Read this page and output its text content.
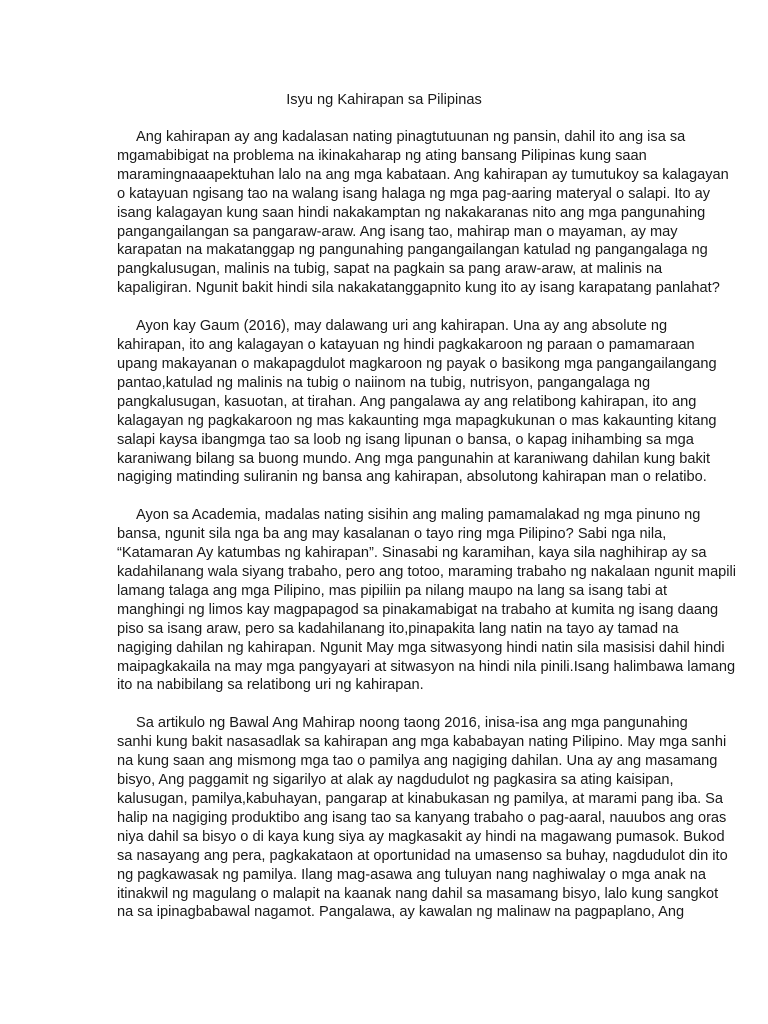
Isyu ng Kahirapan sa Pilipinas

Ang kahirapan ay ang kadalasan nating pinagtutuunan ng pansin, dahil ito ang isa sa
mgamabibigat na problema na ikinakaharap ng ating bansang Pilipinas kung saan
maramingnaaapektuhan lalo na ang mga kabataan. Ang kahirapan ay tumutukoy sa kalagayan
o katayuan ngisang tao na walang isang halaga ng mga pag-aaring materyal o salapi. Ito ay
isang kalagayan kung saan hindi nakakamptan ng nakakaranas nito ang mga pangunahing
pangangailangan sa pangaraw-araw. Ang isang tao, mahirap man o mayaman, ay may
karapatan na makatanggap ng pangunahing pangangailangan katulad ng pangangalaga ng
pangkalusugan, malinis na tubig, sapat na pagkain sa pang araw-araw, at malinis na
kapaligiran. Ngunit bakit hindi sila nakakatanggapnito kung ito ay isang karapatang panlahat?

Ayon kay Gaum (2016), may dalawang uri ang kahirapan. Una ay ang absolute ng
kahirapan, ito ang kalagayan o katayuan ng hindi pagkakaroon ng paraan o pamamaraan
upang makayanan o makapagdulot magkaroon ng payak o basikong mga pangangailangang
pantao,katulad ng malinis na tubig o naiinom na tubig, nutrisyon, pangangalaga ng
pangkalusugan, kasuotan, at tirahan. Ang pangalawa ay ang relatibong kahirapan, ito ang
kalagayan ng pagkakaroon ng mas kakaunting mga mapagkukunan o mas kakaunting kitang
salapi kaysa ibangmga tao sa loob ng isang lipunan o bansa, o kapag inihambing sa mga
karaniwang bilang sa buong mundo. Ang mga pangunahin at karaniwang dahilan kung bakit
nagiging matinding suliranin ng bansa ang kahirapan, absolutong kahirapan man o relatibo.

Ayon sa Academia, madalas nating sisihin ang maling pamamalakad ng mga pinuno ng
bansa, ngunit sila nga ba ang may kasalanan o tayo ring mga Pilipino? Sabi nga nila,
“Katamaran Ay katumbas ng kahirapan”. Sinasabi ng karamihan, kaya sila naghihirap ay sa
kadahilanang wala siyang trabaho, pero ang totoo, maraming trabaho ng nakalaan ngunit mapili
lamang talaga ang mga Pilipino, mas pipiliin pa nilang maupo na lang sa isang tabi at
manghingi ng limos kay magpapagod sa pinakamabigat na trabaho at kumita ng isang daang
piso sa isang araw, pero sa kadahilanang ito,pinapakita lang natin na tayo ay tamad na
nagiging dahilan ng kahirapan. Ngunit May mga sitwasyong hindi natin sila masisisi dahil hindi
maipagkakaila na may mga pangyayari at sitwasyon na hindi nila pinili.Isang halimbawa lamang
ito na nabibilang sa relatibong uri ng kahirapan.

Sa artikulo ng Bawal Ang Mahirap noong taong 2016, inisa-isa ang mga pangunahing
sanhi kung bakit nasasadlak sa kahirapan ang mga kababayan nating Pilipino. May mga sanhi
na kung saan ang mismong mga tao o pamilya ang nagiging dahilan. Una ay ang masamang
bisyo, Ang paggamit ng sigarilyo at alak ay nagdudulot ng pagkasira sa ating kaisipan,
kalusugan, pamilya,kabuhayan, pangarap at kinabukasan ng pamilya, at marami pang iba. Sa
halip na nagiging produktibo ang isang tao sa kanyang trabaho o pag-aaral, nauubos ang oras
niya dahil sa bisyo o di kaya kung siya ay magkasakit ay hindi na magawang pumasok. Bukod
sa nasayang ang pera, pagkakataon at oportunidad na umasenso sa buhay, nagdudulot din ito
ng pagkawasak ng pamilya. Ilang mag-asawa ang tuluyan nang naghiwalay o mga anak na
itinakwil ng magulang o malapit na kaanak nang dahil sa masamang bisyo, lalo kung sangkot
na sa ipinagbabawal nagamot. Pangalawa, ay kawalan ng malinaw na pagpaplano, Ang
